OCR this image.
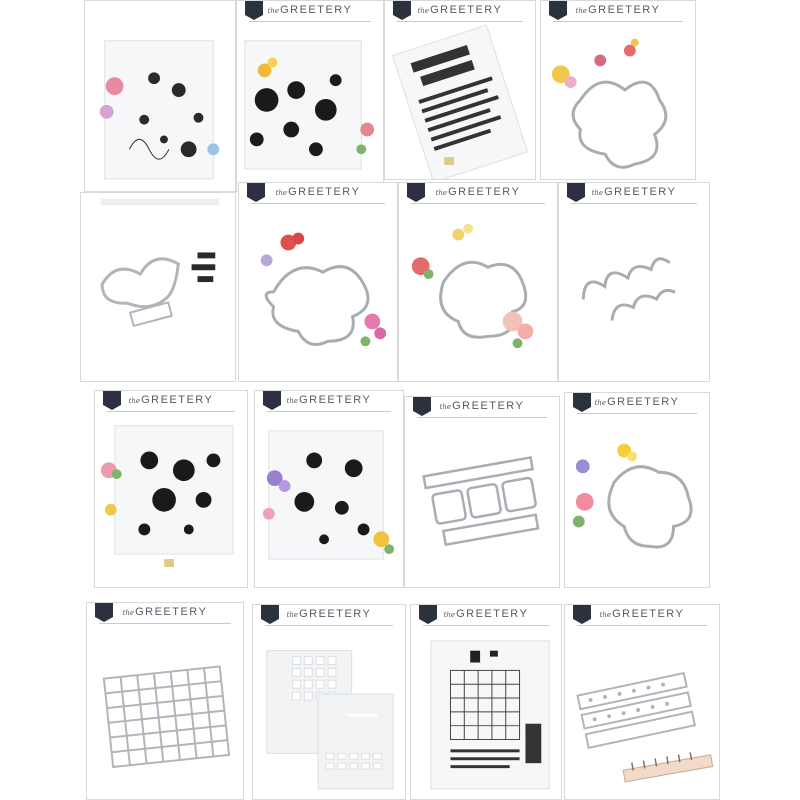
theGREETERY	theGREETERY	theGREETERY
theGREETERY	theGREETERY	theGREETERY
theGREETERY	theGREETERY
theGREETERY	theGREETERY
theGREETERY	theGREETERY	theGREETERY	theGREETERY
